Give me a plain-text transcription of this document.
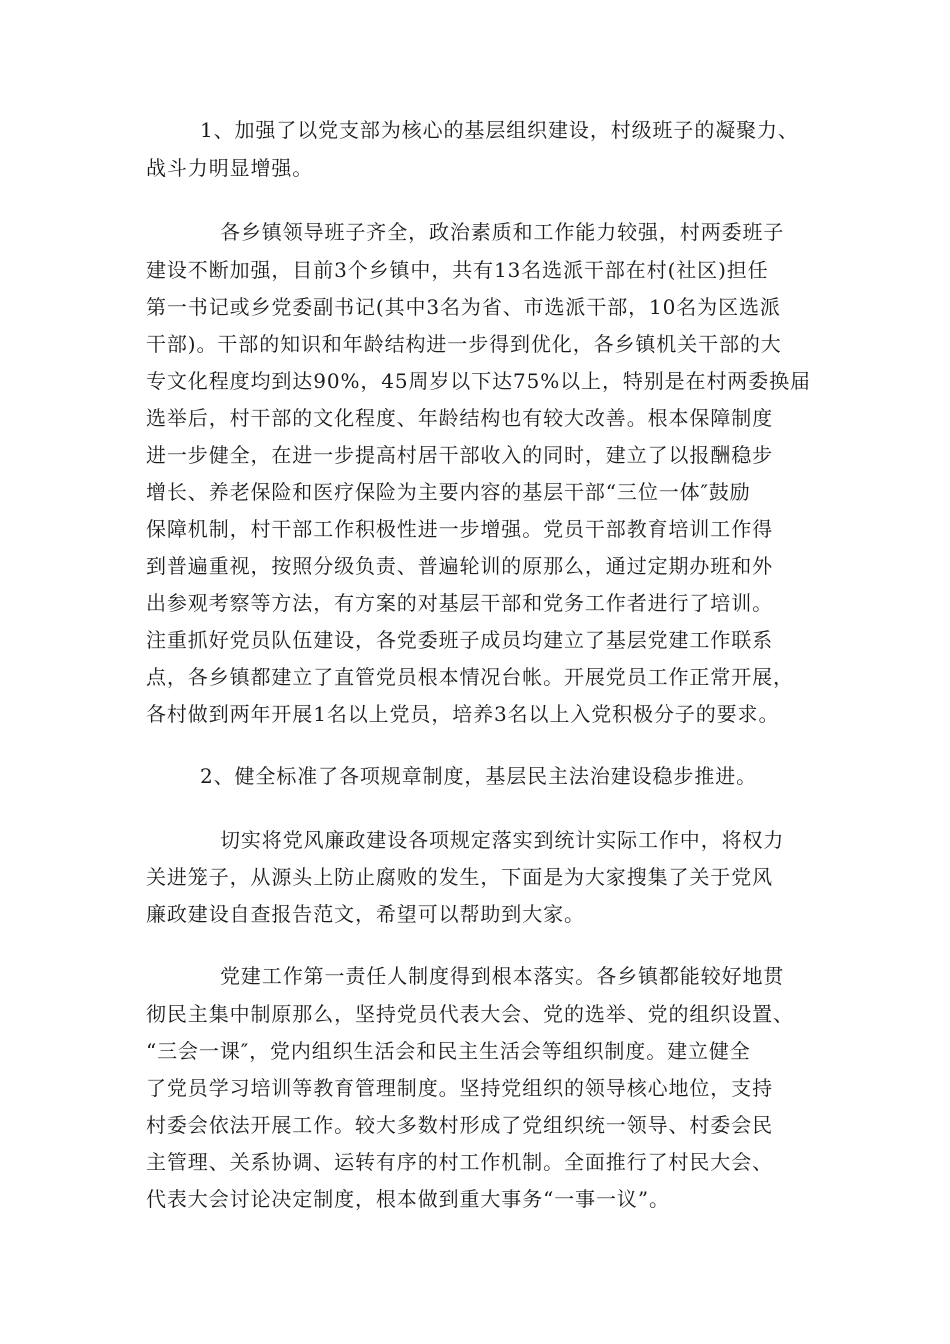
1、加强了以党支部为核心的基层组织建设，村级班子的凝聚力、
战斗力明显增强。
各乡镇领导班子齐全，政治素质和工作能力较强，村两委班子
建设不断加强，目前3个乡镇中，共有13名选派干部在村(社区)担任
第一书记或乡党委副书记(其中3名为省、市选派干部，10名为区选派
干部)。干部的知识和年龄结构进一步得到优化，各乡镇机关干部的大
专文化程度均到达90%，45周岁以下达75%以上，特别是在村两委换届
选举后，村干部的文化程度、年龄结构也有较大改善。根本保障制度
进一步健全，在进一步提高村居干部收入的同时，建立了以报酬稳步
增长、养老保险和医疗保险为主要内容的基层干部“三位一体″鼓励
保障机制，村干部工作积极性进一步增强。党员干部教育培训工作得
到普遍重视，按照分级负责、普遍轮训的原那么，通过定期办班和外
出参观考察等方法，有方案的对基层干部和党务工作者进行了培训。
注重抓好党员队伍建设，各党委班子成员均建立了基层党建工作联系
点，各乡镇都建立了直管党员根本情况台帐。开展党员工作正常开展，
各村做到两年开展1名以上党员，培养3名以上入党积极分子的要求。
2、健全标准了各项规章制度，基层民主法治建设稳步推进。
切实将党风廉政建设各项规定落实到统计实际工作中，将权力
关进笼子，从源头上防止腐败的发生，下面是为大家搜集了关于党风
廉政建设自查报告范文，希望可以帮助到大家。
党建工作第一责任人制度得到根本落实。各乡镇都能较好地贯
彻民主集中制原那么，坚持党员代表大会、党的选举、党的组织设置、
“三会一课″，党内组织生活会和民主生活会等组织制度。建立健全
了党员学习培训等教育管理制度。坚持党组织的领导核心地位，支持
村委会依法开展工作。较大多数村形成了党组织统一领导、村委会民
主管理、关系协调、运转有序的村工作机制。全面推行了村民大会、
代表大会讨论决定制度，根本做到重大事务“一事一议”。
